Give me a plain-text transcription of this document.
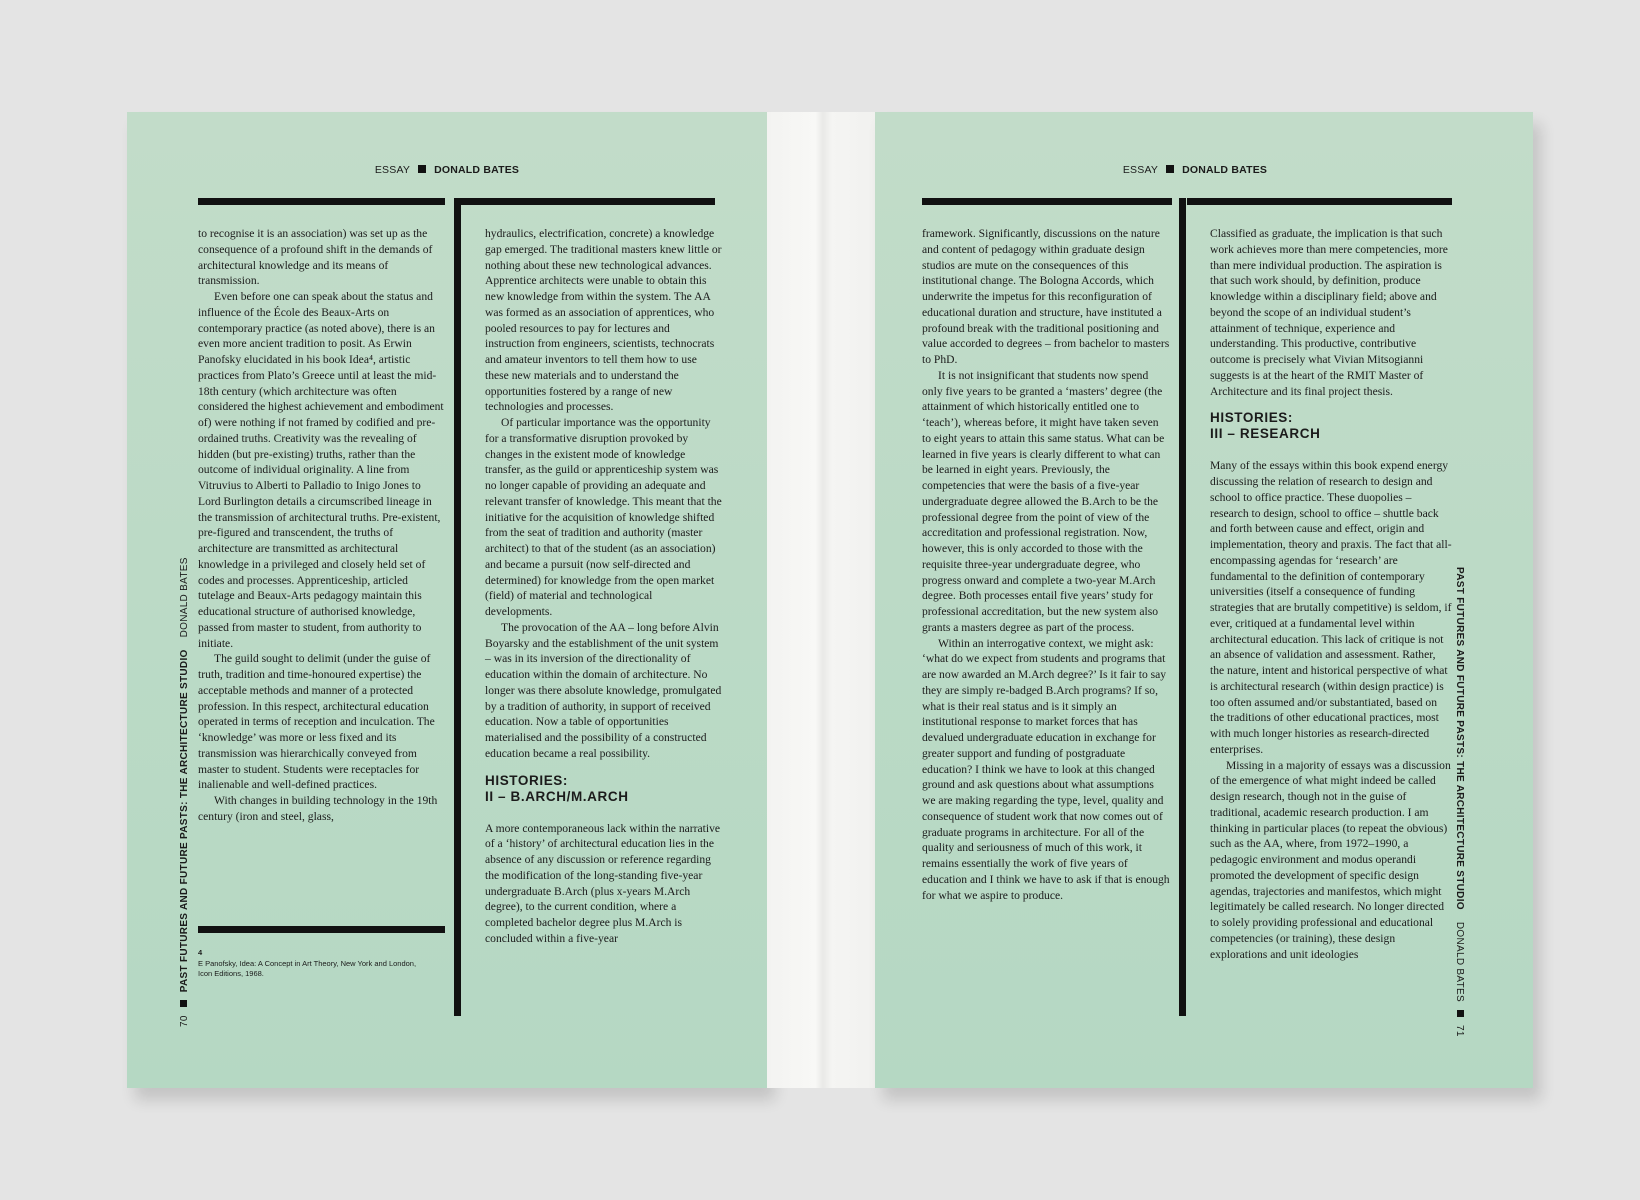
ESSAY DONALD BATES

to recognise it is an association) was set up as the consequence of a profound shift in the demands of architectural knowledge and its means of transmission.

Even before one can speak about the status and influence of the École des Beaux-Arts on contemporary practice (as noted above), there is an even more ancient tradition to posit. As Erwin Panofsky elucidated in his book Idea⁴, artistic practices from Plato’s Greece until at least the mid-18th century (which architecture was often considered the highest achievement and embodiment of) were nothing if not framed by codified and pre-ordained truths. Creativity was the revealing of hidden (but pre-existing) truths, rather than the outcome of individual originality. A line from Vitruvius to Alberti to Palladio to Inigo Jones to Lord Burlington details a circumscribed lineage in the transmission of architectural truths. Pre-existent, pre-figured and transcendent, the truths of architecture are transmitted as architectural knowledge in a privileged and closely held set of codes and processes. Apprenticeship, articled tutelage and Beaux-Arts pedagogy maintain this educational structure of authorised knowledge, passed from master to student, from authority to initiate.

The guild sought to delimit (under the guise of truth, tradition and time-honoured expertise) the acceptable methods and manner of a protected profession. In this respect, architectural education operated in terms of reception and inculcation. The ‘knowledge’ was more or less fixed and its transmission was hierarchically conveyed from master to student. Students were receptacles for inalienable and well-defined practices.

With changes in building technology in the 19th century (iron and steel, glass,

hydraulics, electrification, concrete) a knowledge gap emerged. The traditional masters knew little or nothing about these new technological advances. Apprentice architects were unable to obtain this new knowledge from within the system. The AA was formed as an association of apprentices, who pooled resources to pay for lectures and instruction from engineers, scientists, technocrats and amateur inventors to tell them how to use these new materials and to understand the opportunities fostered by a range of new technologies and processes.

Of particular importance was the opportunity for a transformative disruption provoked by changes in the existent mode of knowledge transfer, as the guild or apprenticeship system was no longer capable of providing an adequate and relevant transfer of knowledge. This meant that the initiative for the acquisition of knowledge shifted from the seat of tradition and authority (master architect) to that of the student (as an association) and became a pursuit (now self-directed and determined) for knowledge from the open market (field) of material and technological developments.

The provocation of the AA – long before Alvin Boyarsky and the establishment of the unit system – was in its inversion of the directionality of education within the domain of architecture. No longer was there absolute knowledge, promulgated by a tradition of authority, in support of received education. Now a table of opportunities materialised and the possibility of a constructed education became a real possibility.

HISTORIES:
II – B.ARCH/M.ARCH

A more contemporaneous lack within the narrative of a ‘history’ of architectural education lies in the absence of any discussion or reference regarding the modification of the long-standing five-year undergraduate B.Arch (plus x-years M.Arch degree), to the current condition, where a completed bachelor degree plus M.Arch is concluded within a five-year

4
E Panofsky, Idea: A Concept in Art Theory, New York and London, Icon Editions, 1968.
70PAST FUTURES AND FUTURE PASTS: THE ARCHITECTURE STUDIODONALD BATES
ESSAY DONALD BATES

framework. Significantly, discussions on the nature and content of pedagogy within graduate design studios are mute on the consequences of this institutional change. The Bologna Accords, which underwrite the impetus for this reconfiguration of educational duration and structure, have instituted a profound break with the traditional positioning and value accorded to degrees – from bachelor to masters to PhD.

It is not insignificant that students now spend only five years to be granted a ‘masters’ degree (the attainment of which historically entitled one to ‘teach’), whereas before, it might have taken seven to eight years to attain this same status. What can be learned in five years is clearly different to what can be learned in eight years. Previously, the competencies that were the basis of a five-year undergraduate degree allowed the B.Arch to be the professional degree from the point of view of the accreditation and professional registration. Now, however, this is only accorded to those with the requisite three-year undergraduate degree, who progress onward and complete a two-year M.Arch degree. Both processes entail five years’ study for professional accreditation, but the new system also grants a masters degree as part of the process.

Within an interrogative context, we might ask: ‘what do we expect from students and programs that are now awarded an M.Arch degree?’ Is it fair to say they are simply re-badged B.Arch programs? If so, what is their real status and is it simply an institutional response to market forces that has devalued undergraduate education in exchange for greater support and funding of postgraduate education? I think we have to look at this changed ground and ask questions about what assumptions we are making regarding the type, level, quality and consequence of student work that now comes out of graduate programs in architecture. For all of the quality and seriousness of much of this work, it remains essentially the work of five years of education and I think we have to ask if that is enough for what we aspire to produce.

Classified as graduate, the implication is that such work achieves more than mere competencies, more than mere individual production. The aspiration is that such work should, by definition, produce knowledge within a disciplinary field; above and beyond the scope of an individual student’s attainment of technique, experience and understanding. This productive, contributive outcome is precisely what Vivian Mitsogianni suggests is at the heart of the RMIT Master of Architecture and its final project thesis.

HISTORIES:
III – RESEARCH

Many of the essays within this book expend energy discussing the relation of research to design and school to office practice. These duopolies – research to design, school to office – shuttle back and forth between cause and effect, origin and implementation, theory and praxis. The fact that all-encompassing agendas for ‘research’ are fundamental to the definition of contemporary universities (itself a consequence of funding strategies that are brutally competitive) is seldom, if ever, critiqued at a fundamental level within architectural education. This lack of critique is not an absence of validation and assessment. Rather, the nature, intent and historical perspective of what is architectural research (within design practice) is too often assumed and/or substantiated, based on the traditions of other educational practices, most with much longer histories as research-directed enterprises.

Missing in a majority of essays was a discussion of the emergence of what might indeed be called design research, though not in the guise of traditional, academic research production. I am thinking in particular places (to repeat the obvious) such as the AA, where, from 1972–1990, a pedagogic environment and modus operandi promoted the development of specific design agendas, trajectories and manifestos, which might legitimately be called research. No longer directed to solely providing professional and educational competencies (or training), these design explorations and unit ideologies

PAST FUTURES AND FUTURE PASTS: THE ARCHITECTURE STUDIODONALD BATES71
